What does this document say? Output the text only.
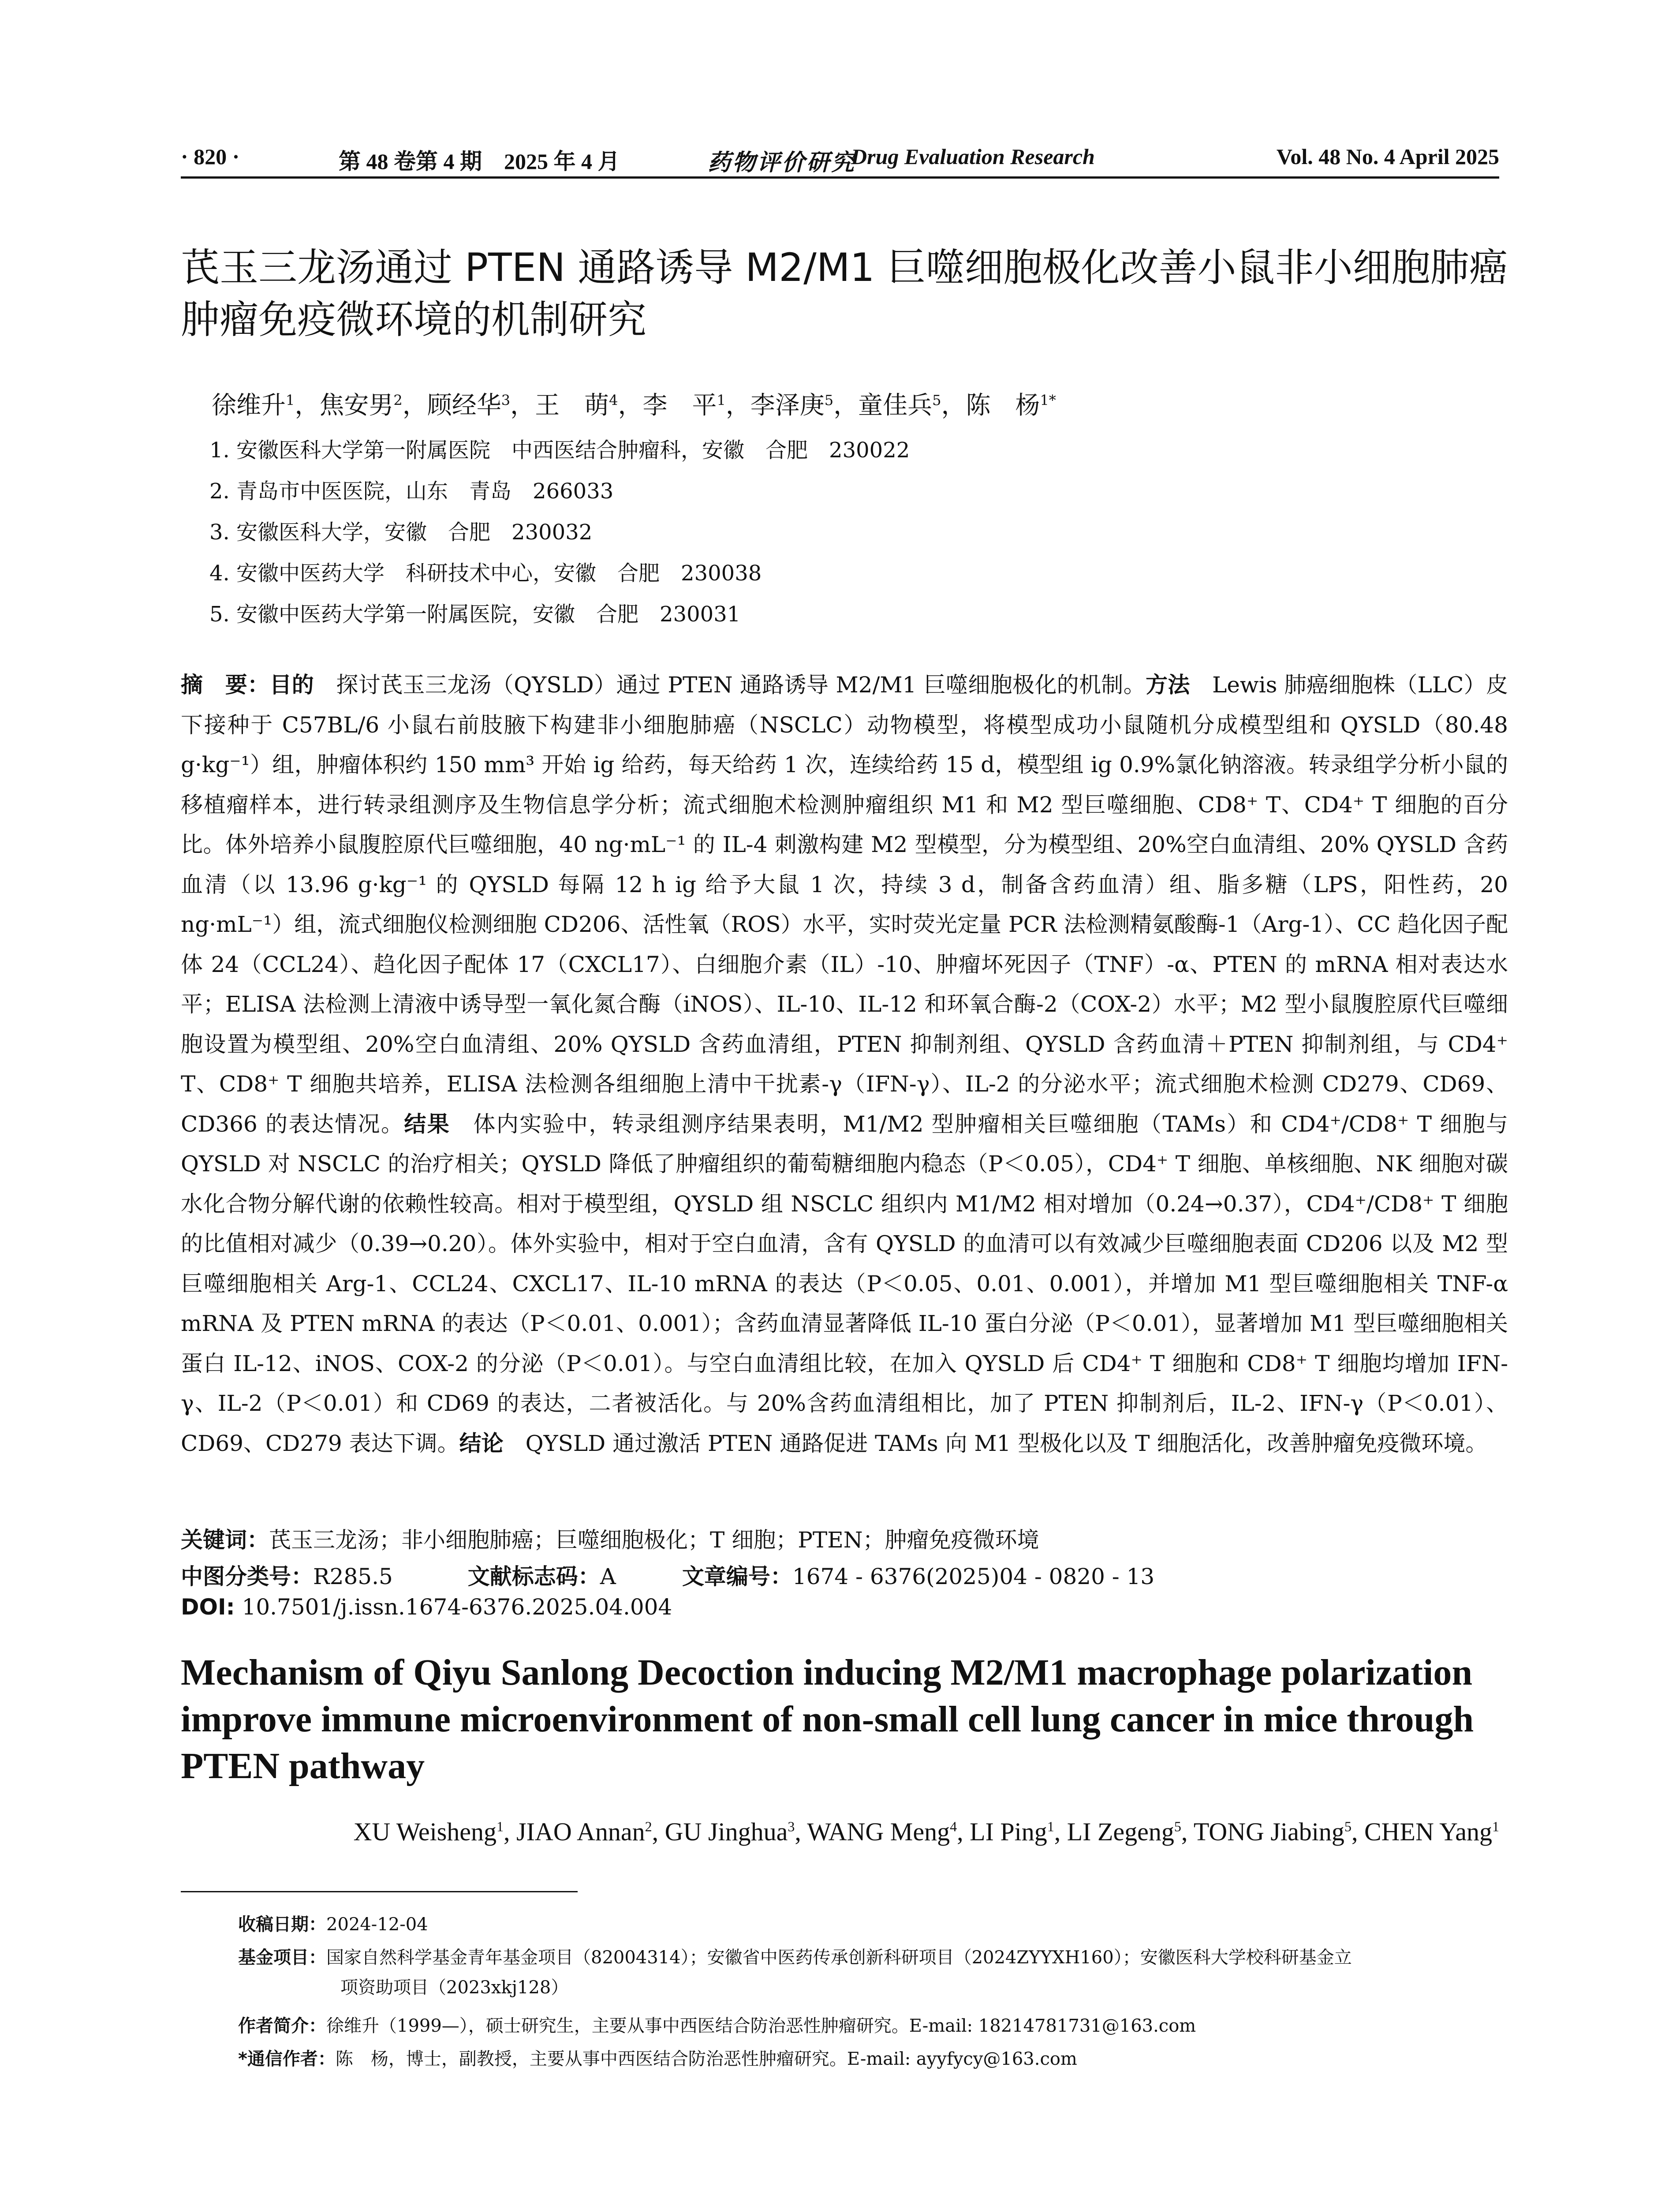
· 820 ·	第 48 卷第 4 期　2025 年 4 月	药物评价研究
Drug Evaluation Research	Vol. 48 No. 4 April 2025
芪玉三龙汤通过 PTEN 通路诱导 M2/M1 巨噬细胞极化改善小鼠非小细胞肺癌肿瘤免疫微环境的机制研究
徐维升$^1$，焦安男$^2$，顾经华$^3$，王　萌$^4$，李　平$^1$，李泽庚$^5$，童佳兵$^5$，陈　杨$^{1*}$
1. 安徽医科大学第一附属医院　中西医结合肿瘤科，安徽　合肥　230022
2. 青岛市中医医院，山东　青岛　266033
3. 安徽医科大学，安徽　合肥　230032
4. 安徽中医药大学　科研技术中心，安徽　合肥　230038
5. 安徽中医药大学第一附属医院，安徽　合肥　230031
摘　要：目的　探讨芪玉三龙汤（QYSLD）通过 PTEN 通路诱导 M2/M1 巨噬细胞极化的机制。方法　Lewis 肺癌细胞株（LLC）皮下接种于 C57BL/6 小鼠右前肢腋下构建非小细胞肺癌（NSCLC）动物模型，将模型成功小鼠随机分成模型组和 QYSLD（80.48 g·kg⁻¹）组，肿瘤体积约 150 mm³ 开始 ig 给药，每天给药 1 次，连续给药 15 d，模型组 ig 0.9%氯化钠溶液。转录组学分析小鼠的移植瘤样本，进行转录组测序及生物信息学分析；流式细胞术检测肿瘤组织 M1 和 M2 型巨噬细胞、CD8⁺ T、CD4⁺ T 细胞的百分比。体外培养小鼠腹腔原代巨噬细胞，40 ng·mL⁻¹ 的 IL-4 刺激构建 M2 型模型，分为模型组、20%空白血清组、20% QYSLD 含药血清（以 13.96 g·kg⁻¹ 的 QYSLD 每隔 12 h ig 给予大鼠 1 次，持续 3 d，制备含药血清）组、脂多糖（LPS，阳性药，20 ng·mL⁻¹）组，流式细胞仪检测细胞 CD206、活性氧（ROS）水平，实时荧光定量 PCR 法检测精氨酸酶-1（Arg-1）、CC 趋化因子配体 24（CCL24）、趋化因子配体 17（CXCL17）、白细胞介素（IL）-10、肿瘤坏死因子（TNF）-α、PTEN 的 mRNA 相对表达水平；ELISA 法检测上清液中诱导型一氧化氮合酶（iNOS）、IL-10、IL-12 和环氧合酶-2（COX-2）水平；M2 型小鼠腹腔原代巨噬细胞设置为模型组、20%空白血清组、20% QYSLD 含药血清组，PTEN 抑制剂组、QYSLD 含药血清＋PTEN 抑制剂组，与 CD4⁺ T、CD8⁺ T 细胞共培养，ELISA 法检测各组细胞上清中干扰素-γ（IFN-γ）、IL-2 的分泌水平；流式细胞术检测 CD279、CD69、CD366 的表达情况。结果　体内实验中，转录组测序结果表明，M1/M2 型肿瘤相关巨噬细胞（TAMs）和 CD4⁺/CD8⁺ T 细胞与 QYSLD 对 NSCLC 的治疗相关；QYSLD 降低了肿瘤组织的葡萄糖细胞内稳态（P＜0.05），CD4⁺ T 细胞、单核细胞、NK 细胞对碳水化合物分解代谢的依赖性较高。相对于模型组，QYSLD 组 NSCLC 组织内 M1/M2 相对增加（0.24→0.37），CD4⁺/CD8⁺ T 细胞的比值相对减少（0.39→0.20）。体外实验中，相对于空白血清，含有 QYSLD 的血清可以有效减少巨噬细胞表面 CD206 以及 M2 型巨噬细胞相关 Arg-1、CCL24、CXCL17、IL-10 mRNA 的表达（P＜0.05、0.01、0.001），并增加 M1 型巨噬细胞相关 TNF-α mRNA 及 PTEN mRNA 的表达（P＜0.01、0.001）；含药血清显著降低 IL-10 蛋白分泌（P＜0.01），显著增加 M1 型巨噬细胞相关蛋白 IL-12、iNOS、COX-2 的分泌（P＜0.01）。与空白血清组比较，在加入 QYSLD 后 CD4⁺ T 细胞和 CD8⁺ T 细胞均增加 IFN-γ、IL-2（P＜0.01）和 CD69 的表达，二者被活化。与 20%含药血清组相比，加了 PTEN 抑制剂后，IL-2、IFN-γ（P＜0.01）、CD69、CD279 表达下调。结论　QYSLD 通过激活 PTEN 通路促进 TAMs 向 M1 型极化以及 T 细胞活化，改善肿瘤免疫微环境。
关键词：芪玉三龙汤；非小细胞肺癌；巨噬细胞极化；T 细胞；PTEN；肿瘤免疫微环境
中图分类号：R285.5	文献标志码：A	文章编号：1674 - 6376(2025)04 - 0820 - 13
DOI: 10.7501/j.issn.1674-6376.2025.04.004
Mechanism of Qiyu Sanlong Decoction inducing M2/M1 macrophage polarization improve immune microenvironment of non-small cell lung cancer in mice through PTEN pathway
XU Weisheng$^1$, JIAO Annan$^2$, GU Jinghua$^3$, WANG Meng$^4$, LI Ping$^1$, LI Zegeng$^5$, TONG Jiabing$^5$, CHEN Yang$^1$
收稿日期：2024-12-04
基金项目：国家自然科学基金青年基金项目（82004314）；安徽省中医药传承创新科研项目（2024ZYYXH160）；安徽医科大学校科研基金立
项资助项目（2023xkj128）
作者简介：徐维升（1999—），硕士研究生，主要从事中西医结合防治恶性肿瘤研究。E-mail: 18214781731@163.com
*通信作者：陈　杨，博士，副教授，主要从事中西医结合防治恶性肿瘤研究。E-mail: ayyfycy@163.com
